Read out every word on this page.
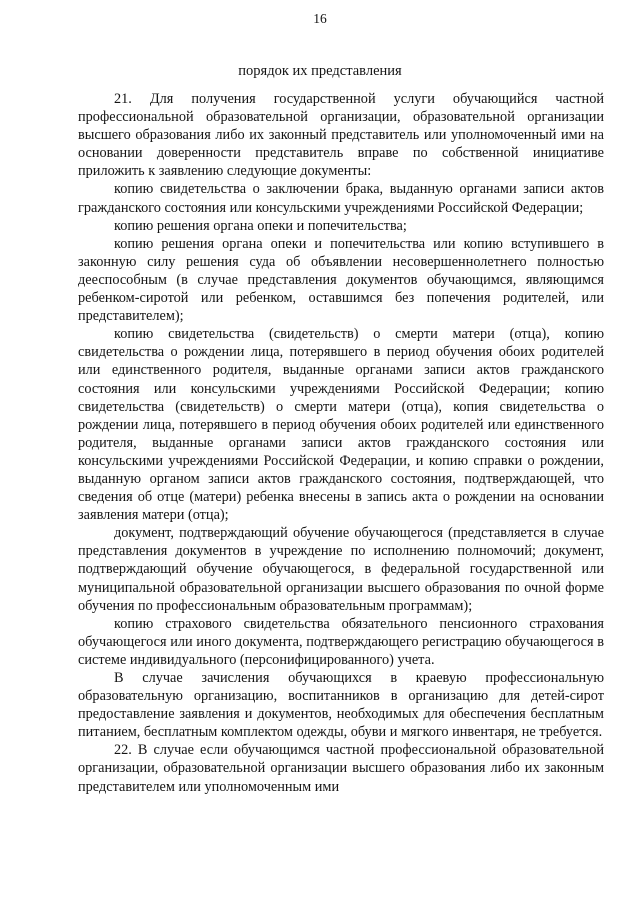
16
порядок их представления

21. Для получения государственной услуги обучающийся частной профессиональной образовательной организации, образовательной организации высшего образования либо их законный представитель или уполномоченный ими на основании доверенности представитель вправе по собственной инициативе приложить к заявлению следующие документы:

копию свидетельства о заключении брака, выданную органами записи актов гражданского состояния или консульскими учреждениями Российской Федерации;

копию решения органа опеки и попечительства;

копию решения органа опеки и попечительства или копию вступившего в законную силу решения суда об объявлении несовершеннолетнего полностью дееспособным (в случае представления документов обучающимся, являющимся ребенком-сиротой или ребенком, оставшимся без попечения родителей, или представителем);

копию свидетельства (свидетельств) о смерти матери (отца), копию свидетельства о рождении лица, потерявшего в период обучения обоих родителей или единственного родителя, выданные органами записи актов гражданского состояния или консульскими учреждениями Российской Федерации; копию свидетельства (свидетельств) о смерти матери (отца), копия свидетельства о рождении лица, потерявшего в период обучения обоих родителей или единственного родителя, выданные органами записи актов гражданского состояния или консульскими учреждениями Российской Федерации, и копию справки о рождении, выданную органом записи актов гражданского состояния, подтверждающей, что сведения об отце (матери) ребенка внесены в запись акта о рождении на основании заявления матери (отца);

документ, подтверждающий обучение обучающегося (представляется в случае представления документов в учреждение по исполнению полномочий; документ, подтверждающий обучение обучающегося, в федеральной государственной или муниципальной образовательной организации высшего образования по очной форме обучения по профессиональным образовательным программам);

копию страхового свидетельства обязательного пенсионного страхования обучающегося или иного документа, подтверждающего регистрацию обучающегося в системе индивидуального (персонифицированного) учета.

В случае зачисления обучающихся в краевую профессиональную образовательную организацию, воспитанников в организацию для детей-сирот предоставление заявления и документов, необходимых для обеспечения бесплатным питанием, бесплатным комплектом одежды, обуви и мягкого инвентаря, не требуется.

22. В случае если обучающимся частной профессиональной образовательной организации, образовательной организации высшего образования либо их законным представителем или уполномоченным ими
